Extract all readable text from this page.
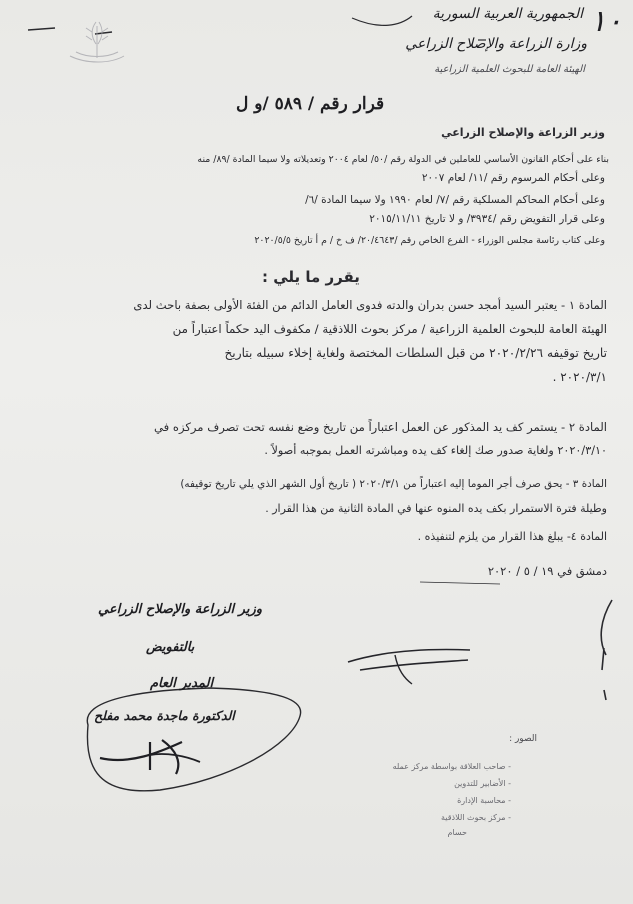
١٠
الجمهورية العربية السورية
وزارة الزراعة والإصلاح الزراعي
الهيئة العامة للبحوث العلمية الزراعية
قرار رقم / ٥٨٩ /و ل
وزير الزراعة والإصلاح الزراعي
بناء على أحكام القانون الأساسي للعاملين في الدولة رقم /٥٠/ لعام ٢٠٠٤ وتعديلاته ولا سيما المادة /٨٩/ منه
وعلى أحكام المرسوم رقم /١١/ لعام ٢٠٠٧
وعلى أحكام المحاكم المسلكية رقم /٧/ لعام ١٩٩٠ ولا سيما المادة /٦/
وعلى قرار التفويض رقم /٣٩٣٤/ و لا تاريخ ٢٠١٥/١١/١١
وعلى كتاب رئاسة مجلس الوزراء - الفرع الخاص رقم /٢٠/٤٦٤٣/ ف خ / م أ تاريخ ٢٠٢٠/٥/٥
يقرر ما يلي :
المادة ١ - يعتبر السيد أمجد حسن بدران والدته فدوى العامل الدائم من الفئة الأولى بصفة باحث لدى
الهيئة العامة للبحوث العلمية الزراعية / مركز بحوث اللاذقية / مكفوف اليد حكماً اعتباراً من
تاريخ توقيفه ٢٠٢٠/٢/٢٦ من قبل السلطات المختصة ولغاية إخلاء سبيله بتاريخ
٢٠٢٠/٣/١ .
المادة ٢ - يستمر كف يد المذكور عن العمل اعتباراً من تاريخ وضع نفسه تحت تصرف مركزه في
٢٠٢٠/٣/١٠ ولغاية صدور صك إلغاء كف يده ومباشرته العمل بموجبه أصولاً .
المادة ٣ - يحق صرف أجر الموما إليه اعتباراً من ٢٠٢٠/٣/١ ( تاريخ أول الشهر الذي يلي تاريخ توقيفه)
وطيلة فترة الاستمرار بكف يده المنوه عنها في المادة الثانية من هذا القرار .
المادة ٤- يبلغ هذا القرار من يلزم لتنفيذه .
دمشق في ١٩ / ٥ / ٢٠٢٠
وزير الزراعة والإصلاح الزراعي
بالتفويض
المدير العام
الدكتورة ماجدة محمد مفلح
الصور :
- صاحب العلاقة بواسطة مركز عمله
- الأضابير للتدوين
- محاسبة الإدارة
- مركز بحوث اللاذقية
حسام
